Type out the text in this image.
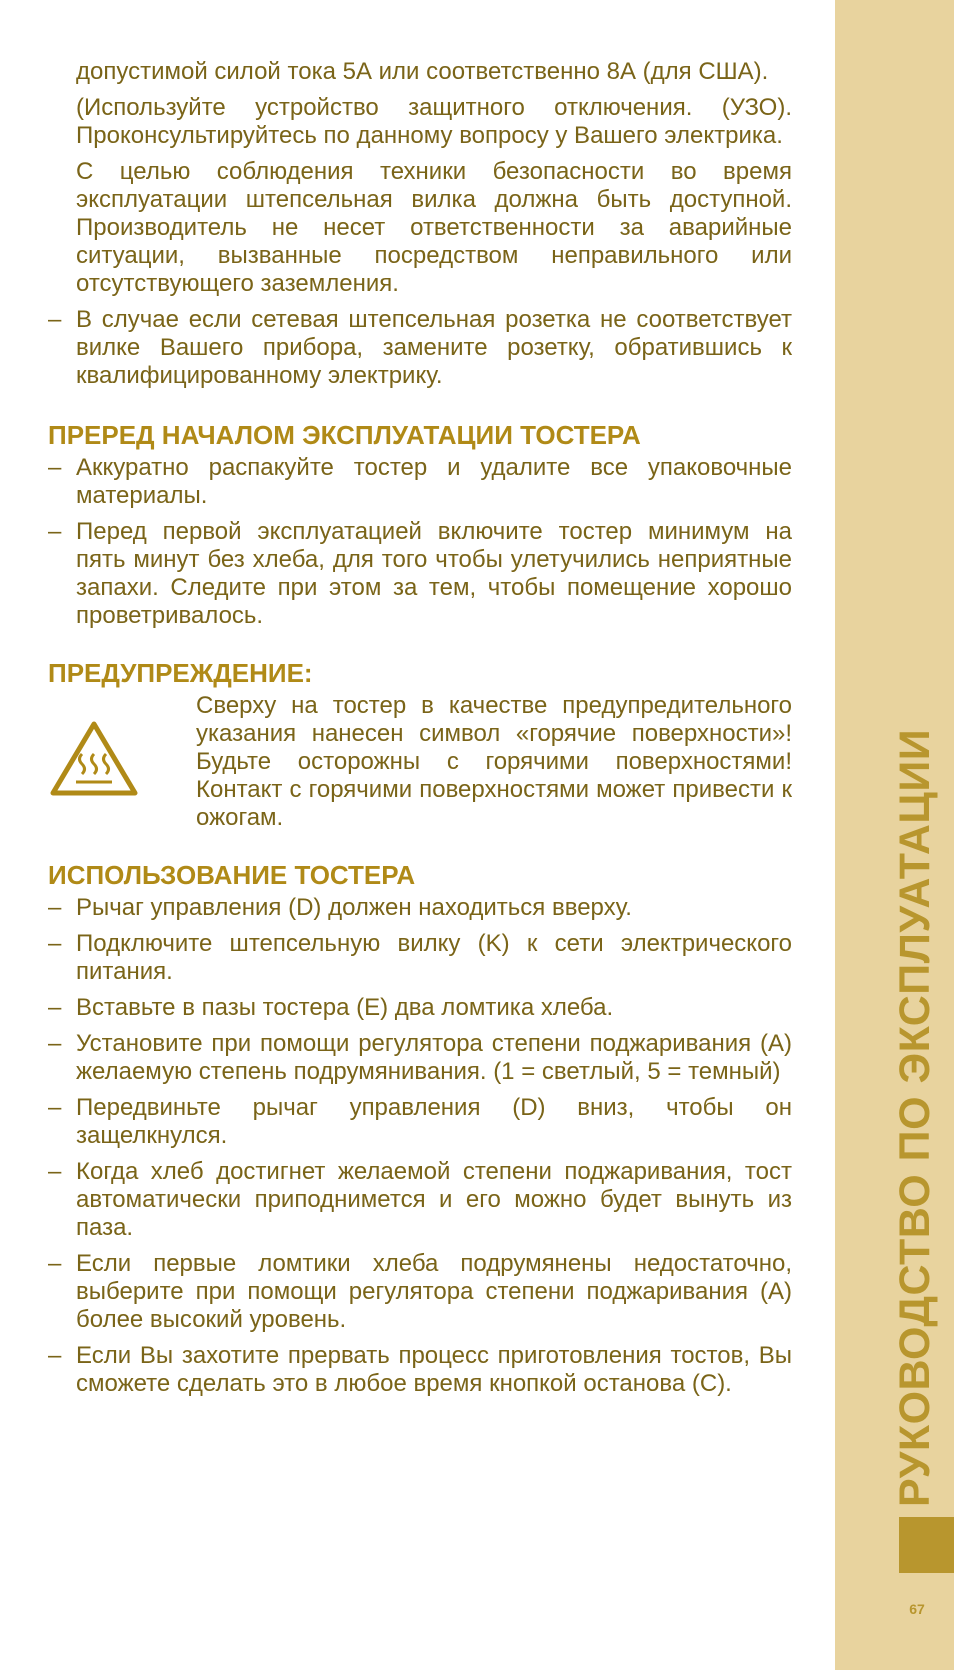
допустимой силой тока 5А или соответственно 8А (для США).

(Используйте устройство защитного отключения. (УЗО). Проконсультируйтесь по данному вопросу у Вашего электрика.

С целью соблюдения техники безопасности во время эксплуатации штепсельная вилка должна быть доступной. Производитель не несет ответственности за аварийные ситуации, вызванные посредством неправильного или отсутствующего заземления.

– В случае если сетевая штепсельная розетка не соответствует вилке Вашего прибора, замените розетку, обратившись к квалифицированному электрику.
ПРЕРЕД НАЧАЛОМ ЭКСПЛУАТАЦИИ ТОСТЕРА
– Аккуратно распакуйте тостер и удалите все упаковочные материалы.
– Перед первой эксплуатацией включите тостер минимум на пять минут без хлеба, для того чтобы улетучились неприятные запахи. Следите при этом за тем, чтобы помещение хорошо проветривалось.
ПРЕДУПРЕЖДЕНИЕ:
Сверху на тостер в качестве предупредительного указания нанесен символ «горячие поверхности»! Будьте осторожны с горячими поверхностями! Контакт с горячими поверхностями может привести к ожогам.
ИСПОЛЬЗОВАНИЕ ТОСТЕРА
– Рычаг управления (D) должен находиться вверху.
– Подключите штепсельную вилку (K) к сети электрического питания.
– Вставьте в пазы тостера (E) два ломтика хлеба.
– Установите при помощи регулятора степени поджаривания (A) желаемую степень подрумянивания. (1 = светлый, 5 = темный)
– Передвиньте рычаг управления (D) вниз, чтобы он защелкнулся.
– Когда хлеб достигнет желаемой степени поджаривания, тост автоматически приподнимется и его можно будет вынуть из паза.
– Если первые ломтики хлеба подрумянены недостаточно, выберите при помощи регулятора степени поджаривания (A) более высокий уровень.
– Если Вы захотите прервать процесс приготовления тостов, Вы сможете сделать это в любое время кнопкой останова (C).	РУКОВОДСТВО ПО ЭКСПЛУАТАЦИИ
67
